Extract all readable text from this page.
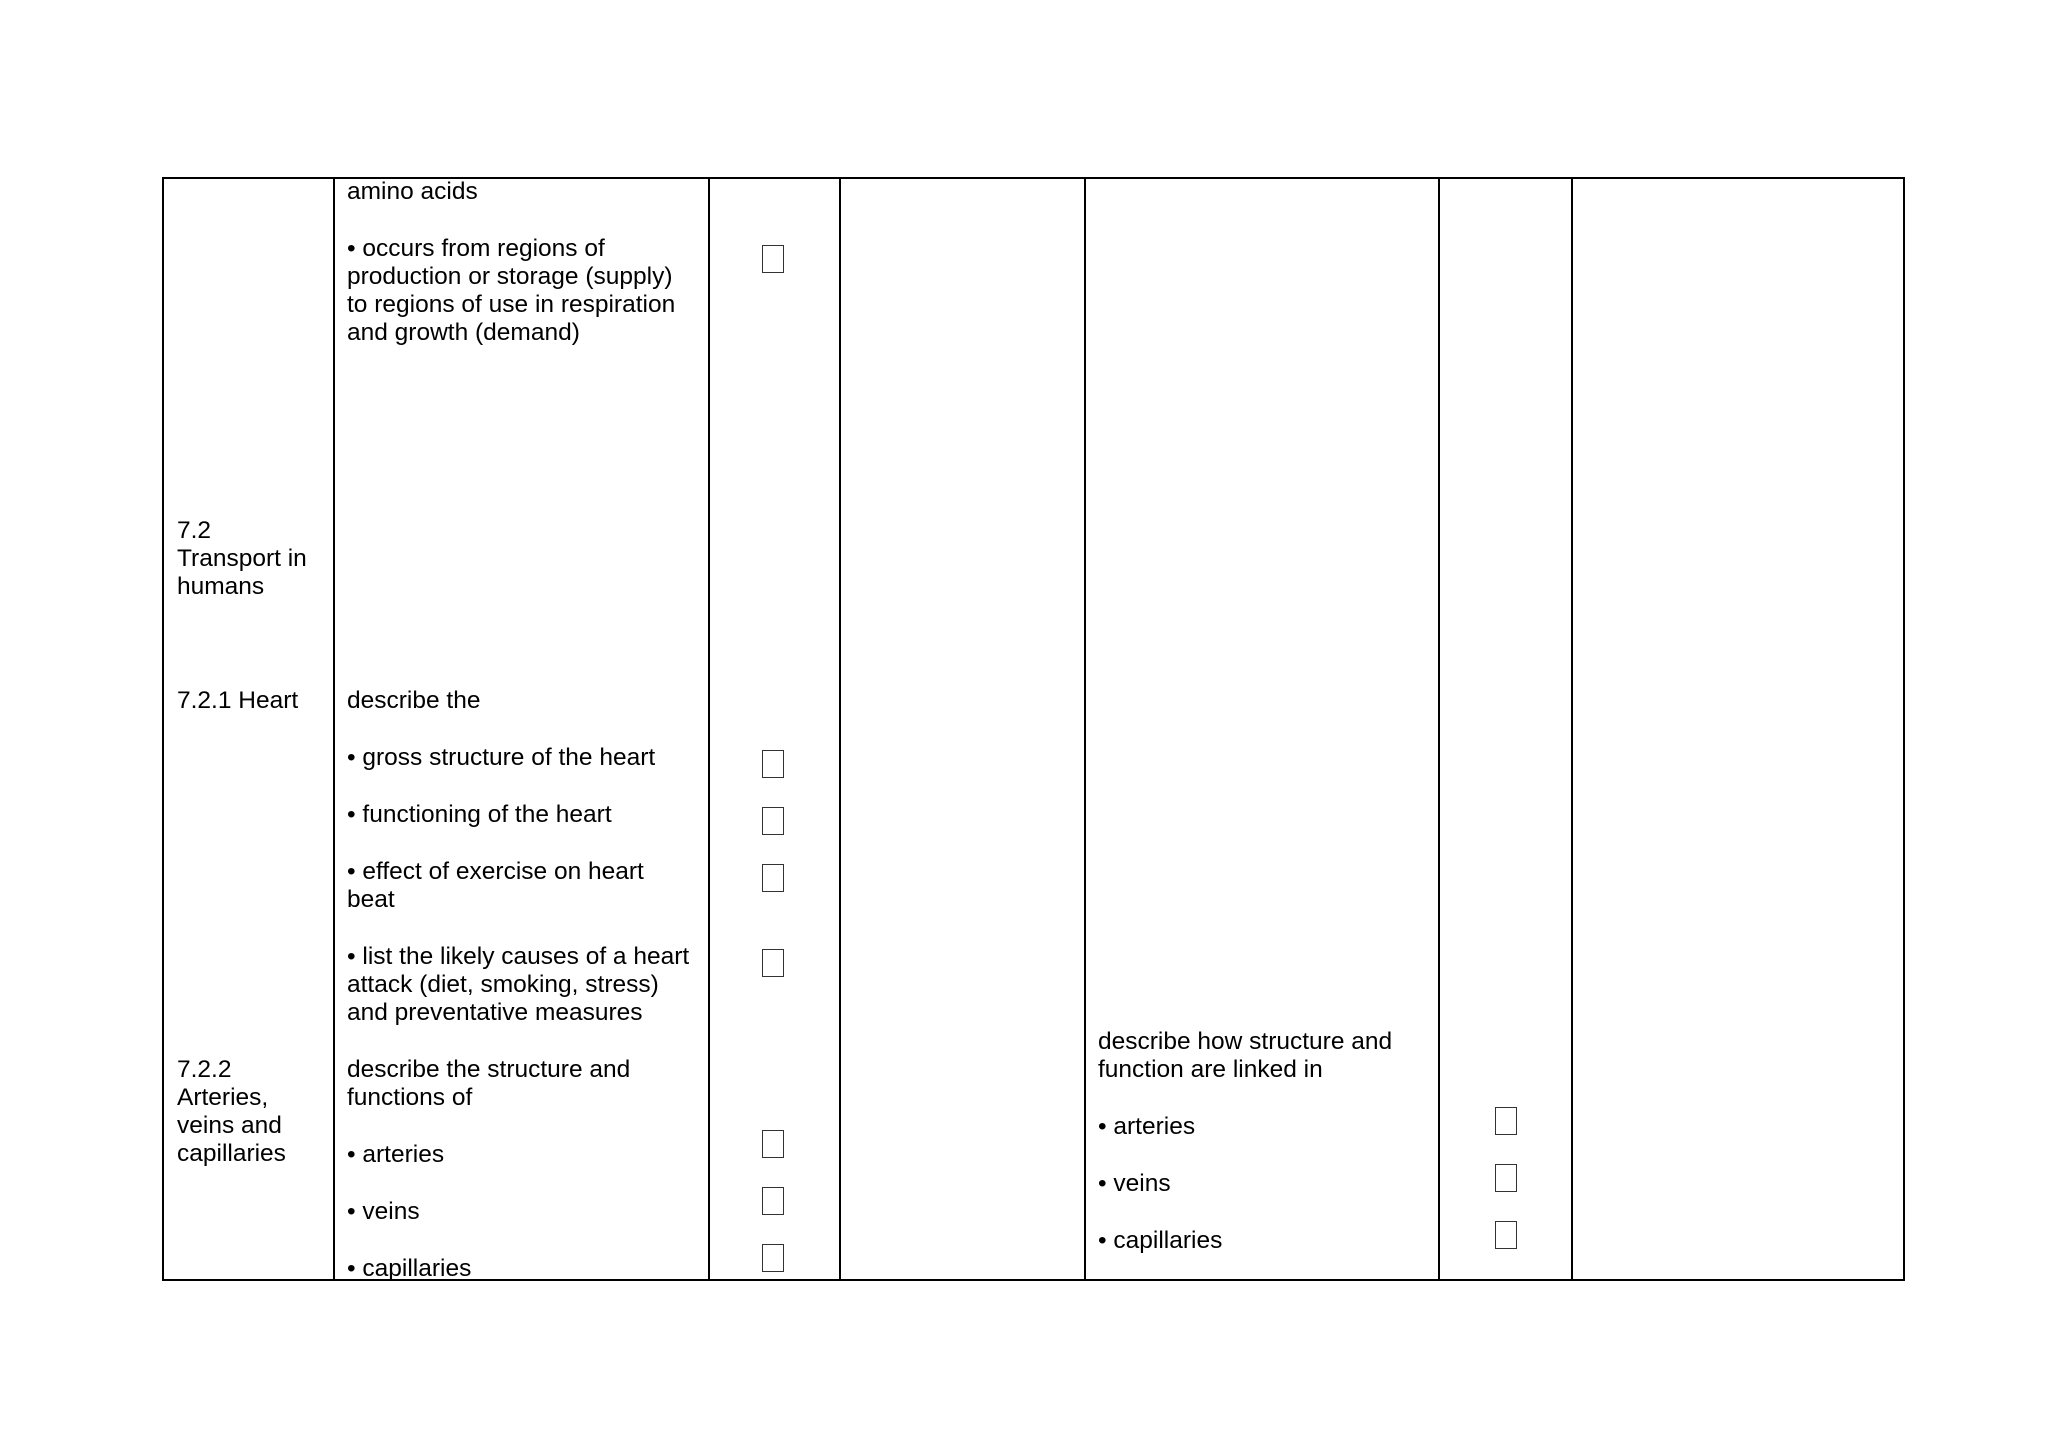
7.2

Transport in

humans

7.2.1 Heart

7.2.2

Arteries,

veins and

capillaries

amino acids

• occurs from regions of

production or storage (supply)

to regions of use in respiration

and growth (demand)

describe the

• gross structure of the heart

• functioning of the heart

• effect of exercise on heart

beat

• list the likely causes of a heart

attack (diet, smoking, stress)

and preventative measures

describe the structure and

functions of

• arteries

• veins

• capillaries

describe how structure and

function are linked in

• arteries

• veins

• capillaries
